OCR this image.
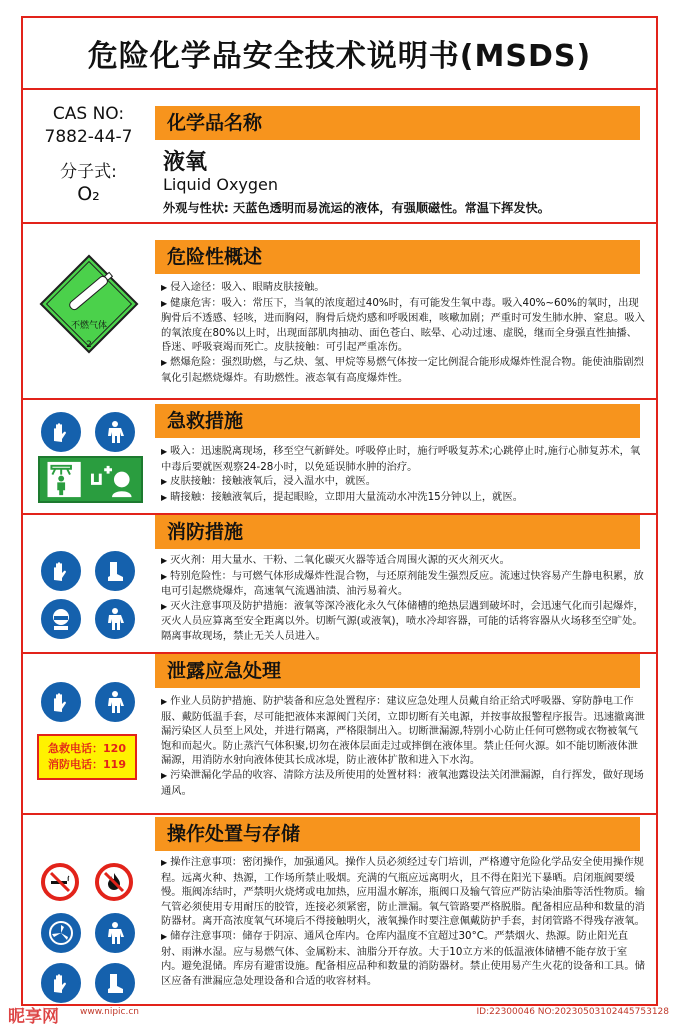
危险化学品安全技术说明书(MSDS)
CAS NO:
7882-44-7
分子式:
O₂
化学品名称
液氧
Liquid Oxygen
外观与性状: 天蓝色透明而易流运的液体，有强顺磁性。常温下挥发快。
不燃气体
2
危险性概述

▶ 侵入途径：吸入、眼睛皮肤接触。

▶ 健康危害：吸入：常压下，当氧的浓度超过40%时，有可能发生氧中毒。吸入40%~60%的氧时，出现胸骨后不透感、轻咳，进而胸闷，胸骨后烧灼感和呼吸困难，咳嗽加剧；严重时可发生肺水肿、窒息。吸入的氧浓度在80%以上时，出现面部肌肉抽动、面色苍白、眩晕、心动过速、虚脱，继而全身强直性抽播、昏迷、呼吸衰竭而死亡。皮肤接触：可引起严重冻伤。

▶ 燃爆危险：强烈助燃，与乙炔、氢、甲烷等易燃气体按一定比例混合能形成爆炸性混合物。能使油脂剧烈氧化引起燃烧爆炸。有助燃性。液态氧有高度爆炸性。

急救措施

▶ 吸入：迅速脱离现场，移至空气新鲜处。呼吸停止时，施行呼吸复苏术;心跳停止时,施行心肺复苏术，氧中毒后要就医观察24-28小时，以免延误肺水肿的治疗。

▶ 皮肤接触：接触液氧后，浸入温水中，就医。

▶ 睛接触：接触液氧后，提起眼睑，立即用大量流动水冲洗15分钟以上，就医。

消防措施

▶ 灭火剂：用大量水、干粉、二氧化碳灭火器等适合周围火源的灭火剂灭火。

▶ 特别危险性：与可燃气体形成爆炸性混合物，与还原剂能发生强烈反应。流速过快容易产生静电积累，放电可引起燃烧爆炸，高速氧气流遇油渍、油污易着火。

▶ 灭火注意事项及防护措施：液氧等深冷液化永久气体储槽的绝热层遇到破坏时，会迅速气化而引起爆炸，灭火人员应算离至安全距离以外。切断气源(或液氧)，喷水冷却容器，可能的话将容器从火场移至空旷处。隔离事故现场，禁止无关人员进入。

急救电话：120
消防电话：119
泄露应急处理

▶ 作业人员防护措施、防护装备和应急处置程序：建议应急处理人员戴自给正给式呼吸器、穿防静电工作服、戴防低温手套，尽可能把液体来源阀门关闭，立即切断有关电源，并按事故报警程序报告。迅速撤离泄漏污染区人员至上风处，并进行隔离，严格限制出入。切断泄漏源,特别小心防止任何可燃物或衣物被氧气饱和而起火。防止蒸汽气体积聚,切勿在液体层面走过或摔倒在液体里。禁止任何火源。如不能切断液体泄漏源，用消防水射向液体使其长成冰堤，防止液体扩散和进入下水沟。

▶ 污染泄漏化学品的收容、清除方法及所使用的处置材料：液氧池露设法关闭泄漏源，自行挥发，做好现场通风。

操作处置与存储

▶ 操作注意事项：密闭操作，加强通风。操作人员必须经过专门培训，严格遵守危险化学品安全使用操作规程。远离火种、热源，工作场所禁止吸烟。充满的气瓶应远离明火，且不得在阳光下暴晒。启闭瓶阀要缓慢。瓶阀冻结时，严禁明火烧烤或电加热，应用温水解冻，瓶阀口及输气管应严防沾染油脂等活性物质。输气管必须使用专用耐压的胶管，连接必须紧密，防止泄漏。氧气管路要严格脱脂。配备相应品种和数量的消防器材。离开高浓度氧气环境后不得接触明火，液氧操作时要注意佩戴防护手套，封闭管路不得残存液氧。

▶ 储存注意事项：储存于阴凉、通风仓库内。仓库内温度不宜超过30°C。严禁烟火、热源。防止阳光直射、雨淋水湿。应与易燃气体、金属粉末、油脂分开存放。大于10立方米的低温液体储槽不能存放于室内。避免混储。库房有避雷设施。配备相应品种和数量的消防器材。禁止使用易产生火花的设备和工具。储区应备有泄漏应急处理设备和合适的收容材料。

昵享网 www.nipic.cn	ID:22300046 NO:20230503102445753128
